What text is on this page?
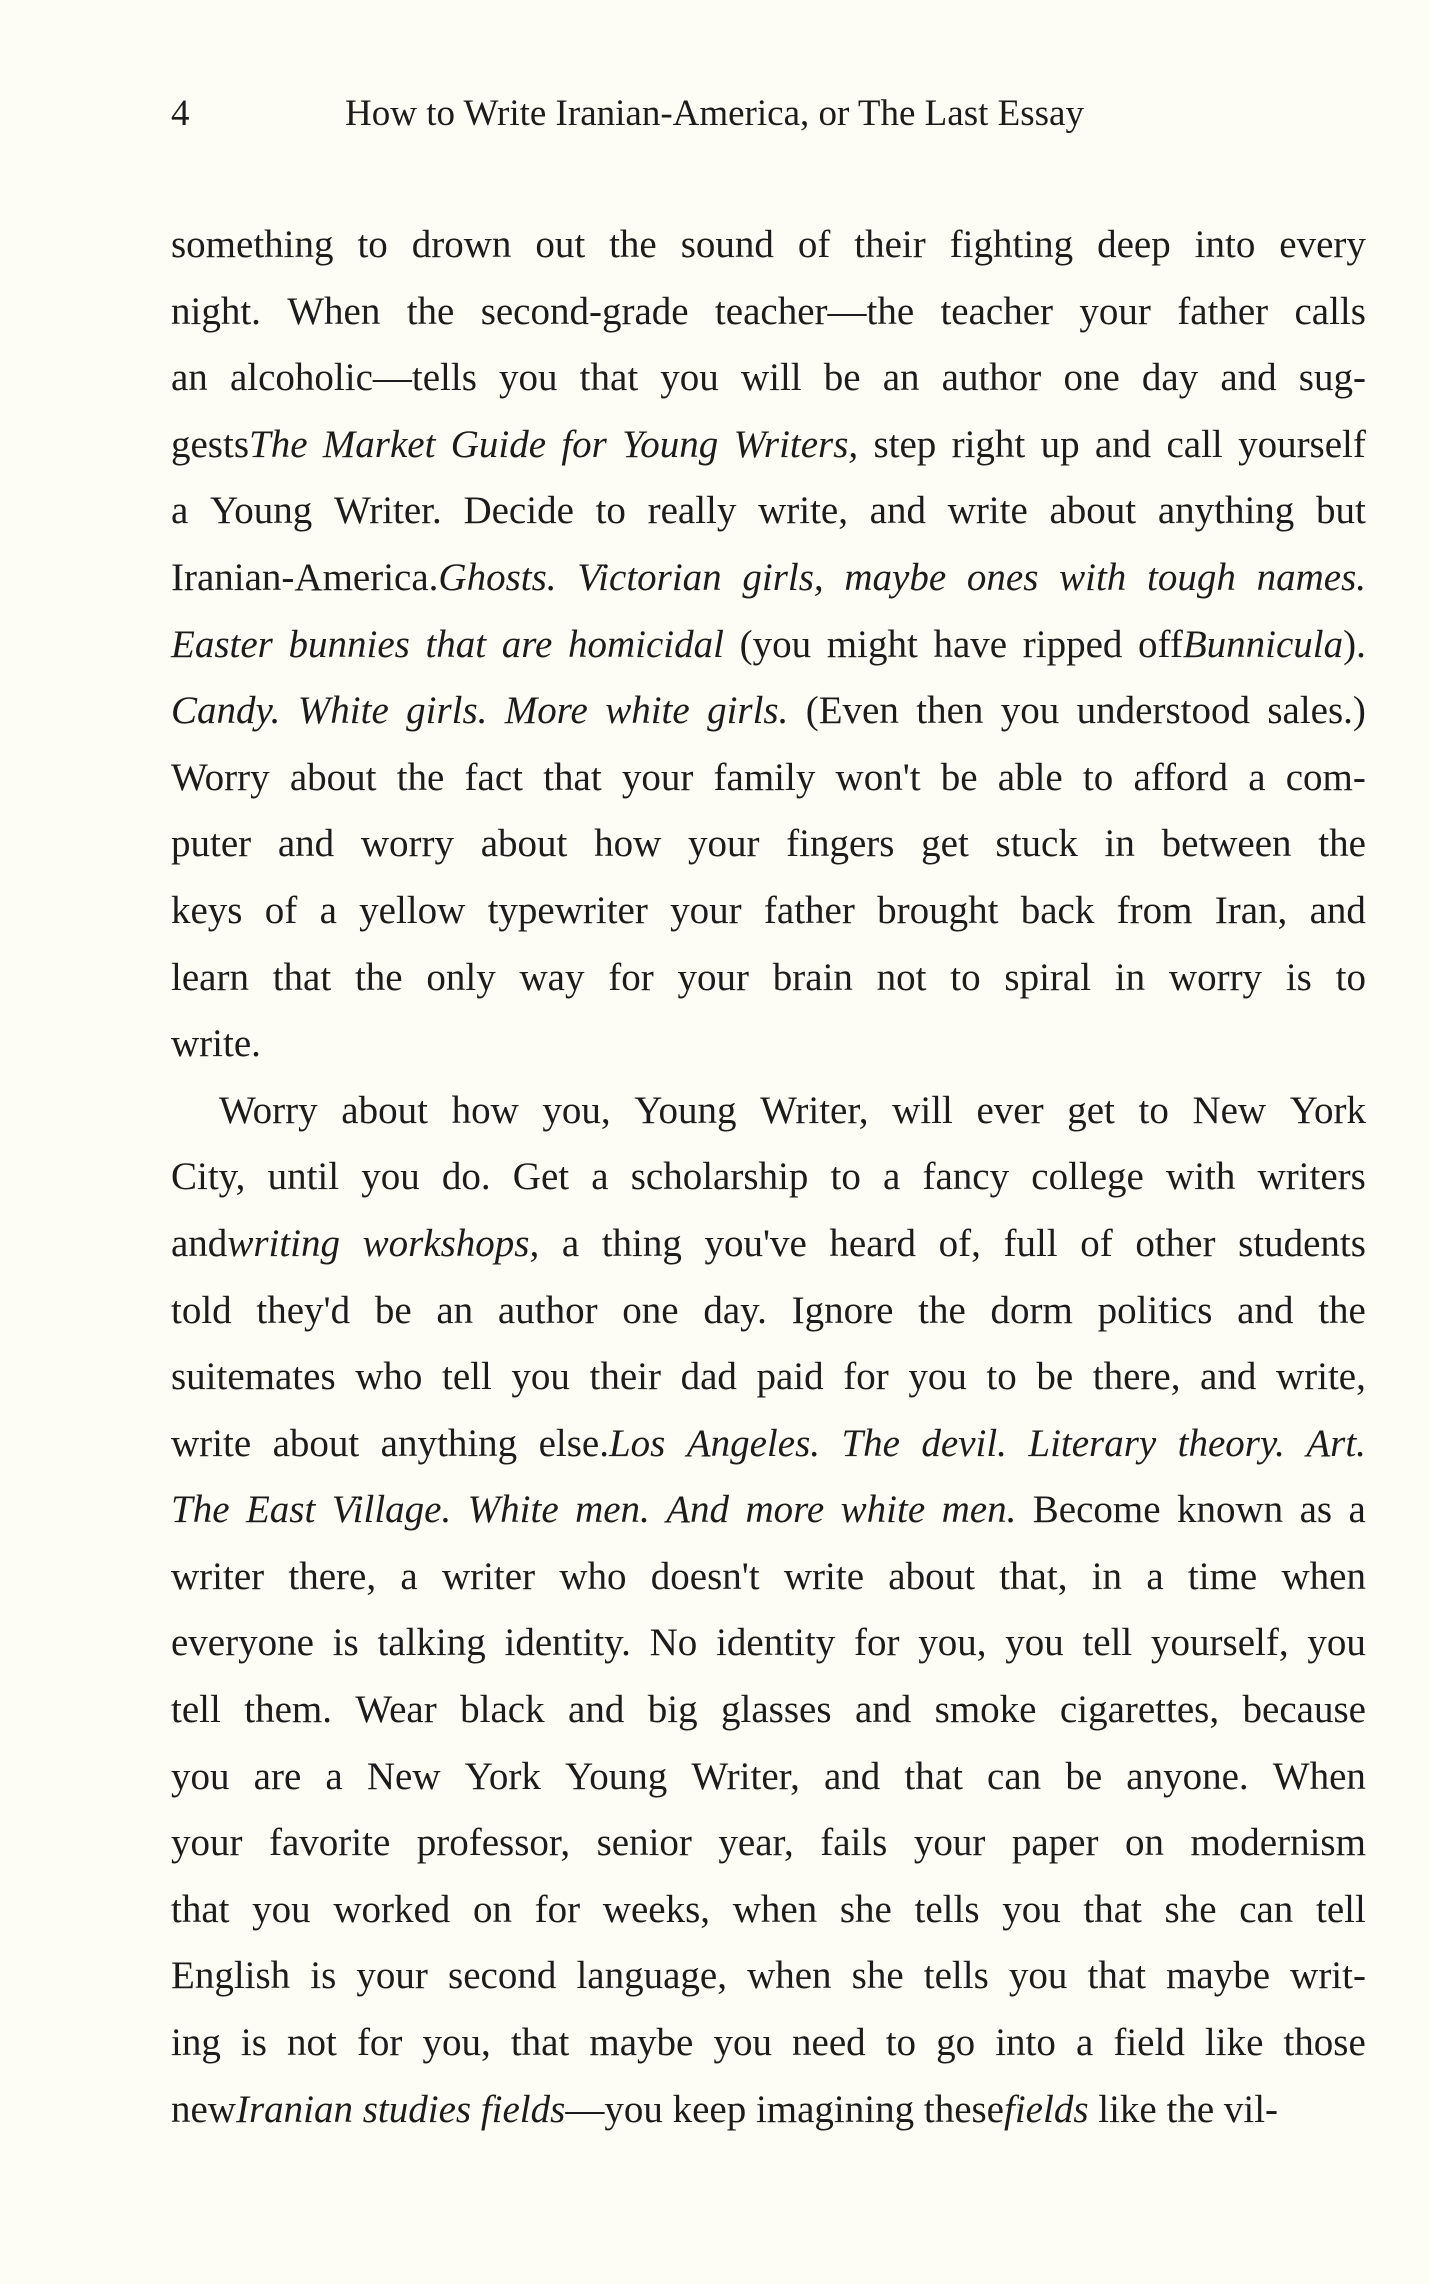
4	How to Write Iranian-America, or The Last Essay
something to drown out the sound of their fighting deep into every
night. When the second-grade teacher—the teacher your father calls
an alcoholic—tells you that you will be an author one day and sug-
gestsThe Market Guide for Young Writers, step right up and call yourself
a Young Writer. Decide to really write, and write about anything but
Iranian-America.Ghosts. Victorian girls, maybe ones with tough names.
Easter bunnies that are homicidal (you might have ripped offBunnicula).
Candy. White girls. More white girls. (Even then you understood sales.)
Worry about the fact that your family won't be able to afford a com-
puter and worry about how your fingers get stuck in between the
keys of a yellow typewriter your father brought back from Iran, and
learn that the only way for your brain not to spiral in worry is to
write.
Worry about how you, Young Writer, will ever get to New York
City, until you do. Get a scholarship to a fancy college with writers
andwriting workshops, a thing you've heard of, full of other students
told they'd be an author one day. Ignore the dorm politics and the
suitemates who tell you their dad paid for you to be there, and write,
write about anything else.Los Angeles. The devil. Literary theory. Art.
The East Village. White men. And more white men. Become known as a
writer there, a writer who doesn't write about that, in a time when
everyone is talking identity. No identity for you, you tell yourself, you
tell them. Wear black and big glasses and smoke cigarettes, because
you are a New York Young Writer, and that can be anyone. When
your favorite professor, senior year, fails your paper on modernism
that you worked on for weeks, when she tells you that she can tell
English is your second language, when she tells you that maybe writ-
ing is not for you, that maybe you need to go into a field like those
newIranian studies fields—you keep imagining thesefields like the vil-
